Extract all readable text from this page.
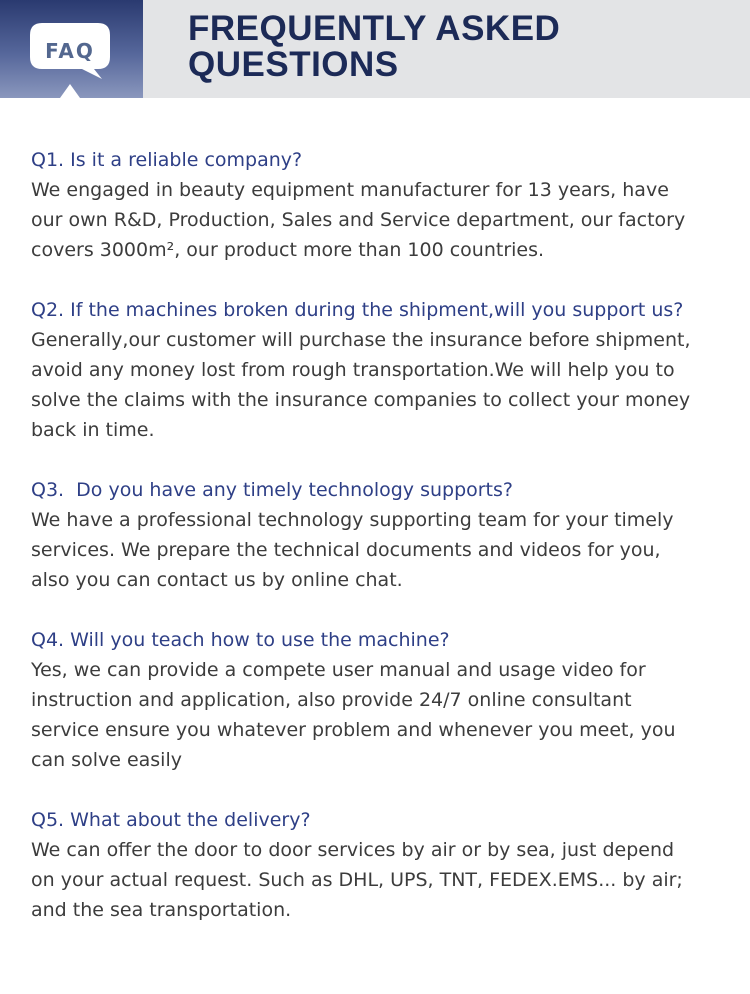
FAQ
FREQUENTLY ASKED
QUESTIONS

Q1. Is it a reliable company?

We engaged in beauty equipment manufacturer for 13 years, have
our own R&D, Production, Sales and Service department, our factory
covers 3000m², our product more than 100 countries.

Q2. If the machines broken during the shipment,will you support us?

Generally,our customer will purchase the insurance before shipment,
avoid any money lost from rough transportation.We will help you to
solve the claims with the insurance companies to collect your money
back in time.

Q3.  Do you have any timely technology supports?

We have a professional technology supporting team for your timely
services. We prepare the technical documents and videos for you,
also you can contact us by online chat.

Q4. Will you teach how to use the machine?

Yes, we can provide a compete user manual and usage video for
instruction and application, also provide 24/7 online consultant
service ensure you whatever problem and whenever you meet, you
can solve easily

Q5. What about the delivery?

We can offer the door to door services by air or by sea, just depend
on your actual request. Such as DHL, UPS, TNT, FEDEX.EMS... by air;
and the sea transportation.
